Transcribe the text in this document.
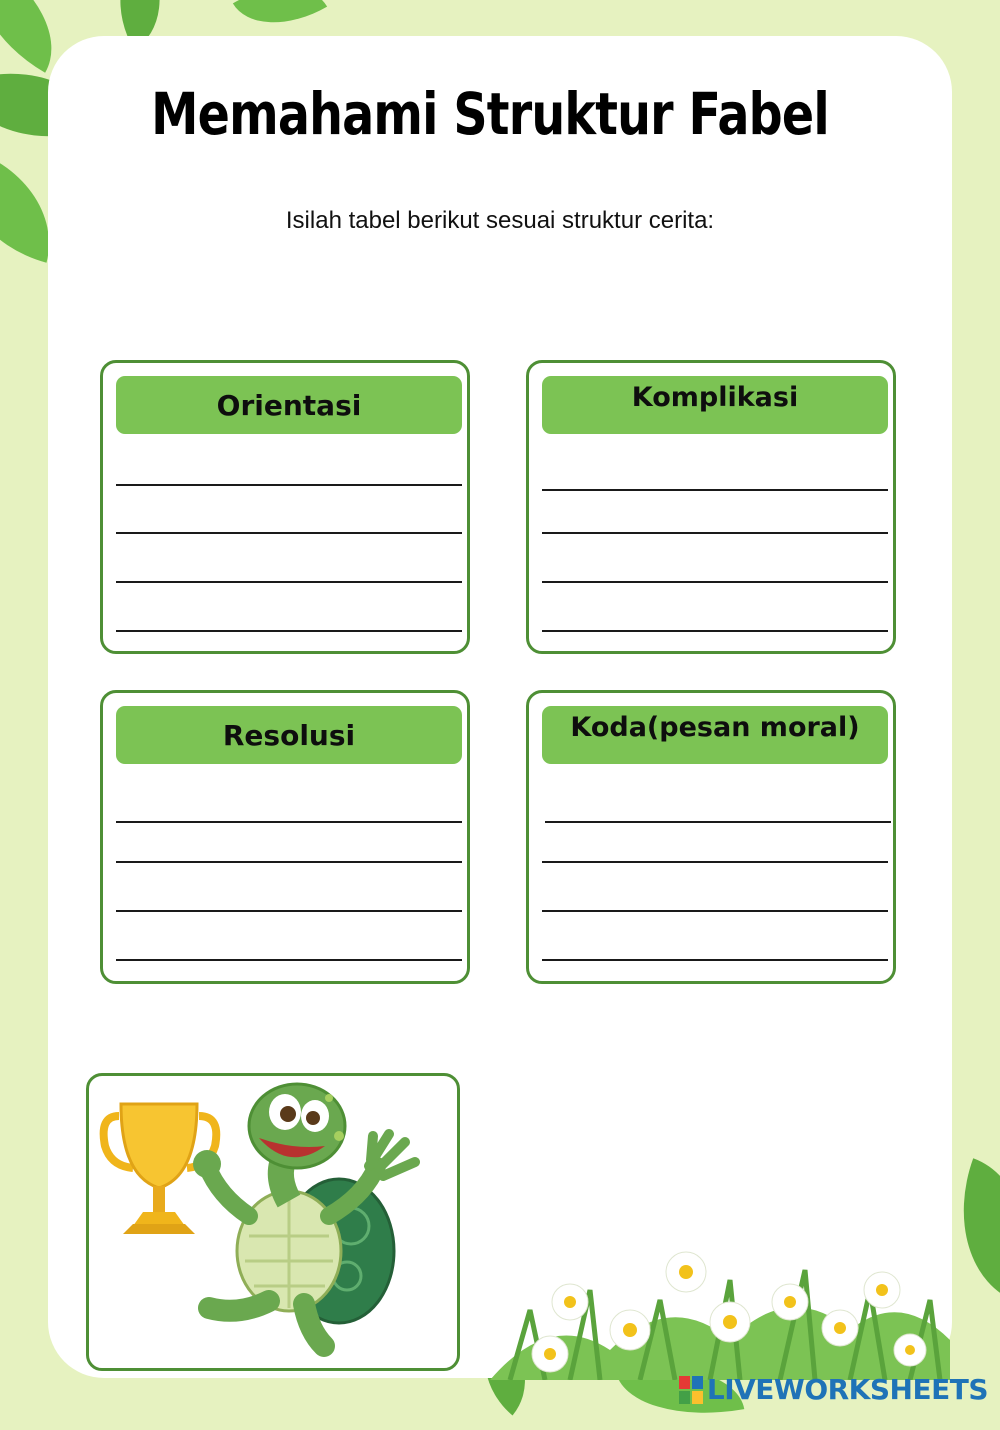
Memahami Struktur Fabel
Isilah tabel berikut sesuai struktur cerita:
Orientasi	Komplikasi
Resolusi	Koda(pesan moral)
LIVEWORKSHEETS
